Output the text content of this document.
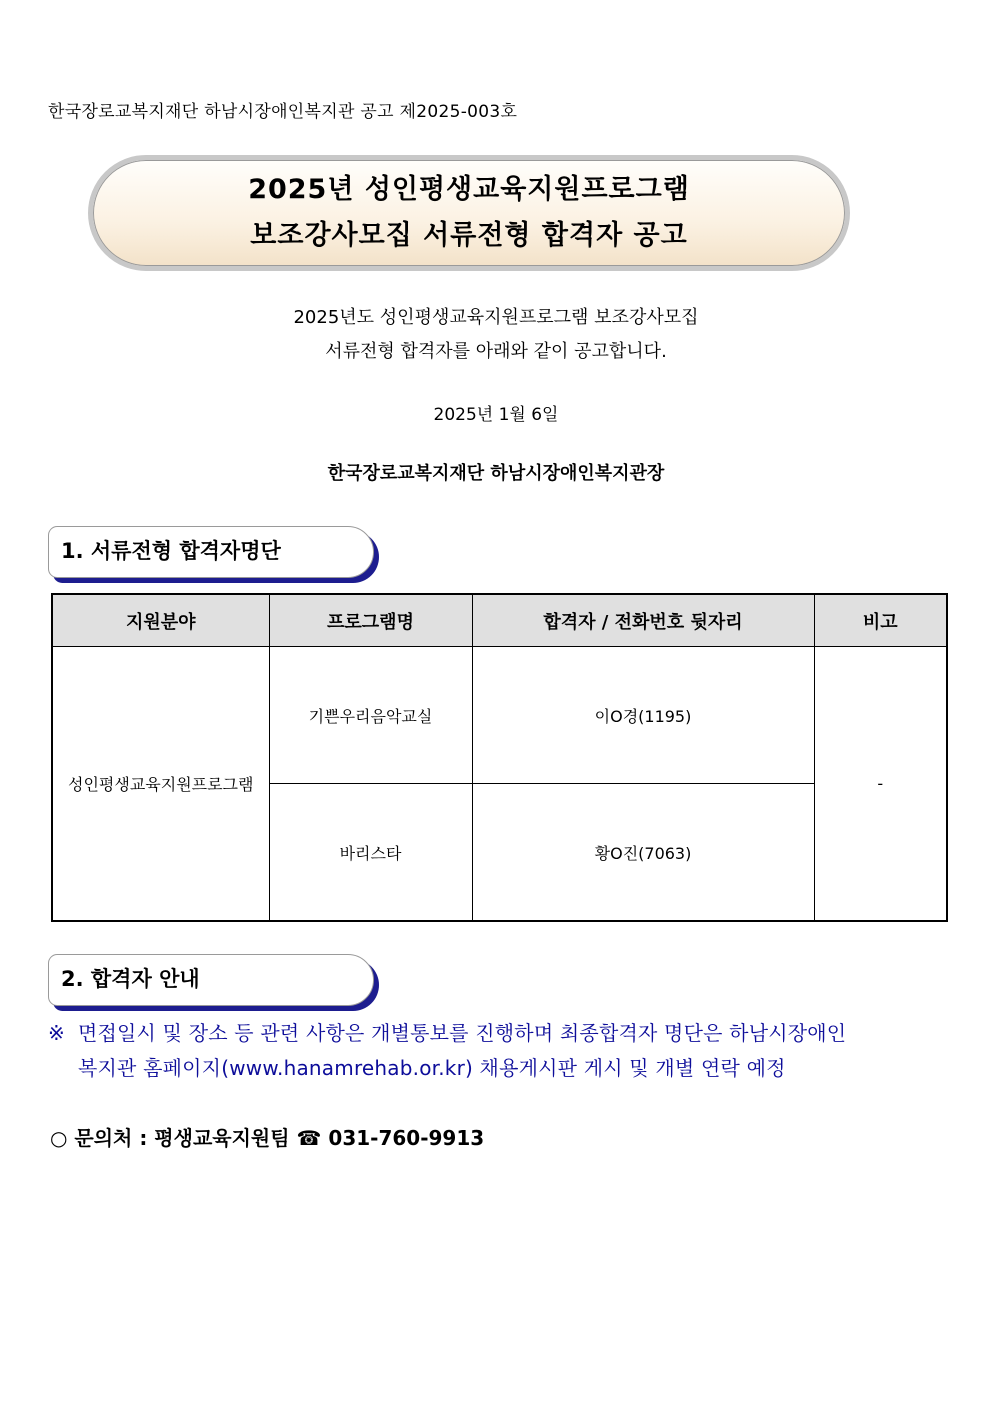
한국장로교복지재단 하남시장애인복지관 공고 제2025-003호
2025년 성인평생교육지원프로그램
보조강사모집 서류전형 합격자 공고
2025년도 성인평생교육지원프로그램 보조강사모집
서류전형 합격자를 아래와 같이 공고합니다.
2025년 1월 6일
한국장로교복지재단 하남시장애인복지관장
1. 서류전형 합격자명단
지원분야	프로그램명	합격자 / 전화번호 뒷자리	비고
성인평생교육지원프로그램	기쁜우리음악교실	이O경(1195)	-
	바리스타	황O진(7063)	
2. 합격자 안내
※ 면접일시 및 장소 등 관련 사항은 개별통보를 진행하며 최종합격자 명단은 하남시장애인
복지관 홈페이지(www.hanamrehab.or.kr) 채용게시판 게시 및 개별 연락 예정
○ 문의처 : 평생교육지원팀 ☎ 031-760-9913
